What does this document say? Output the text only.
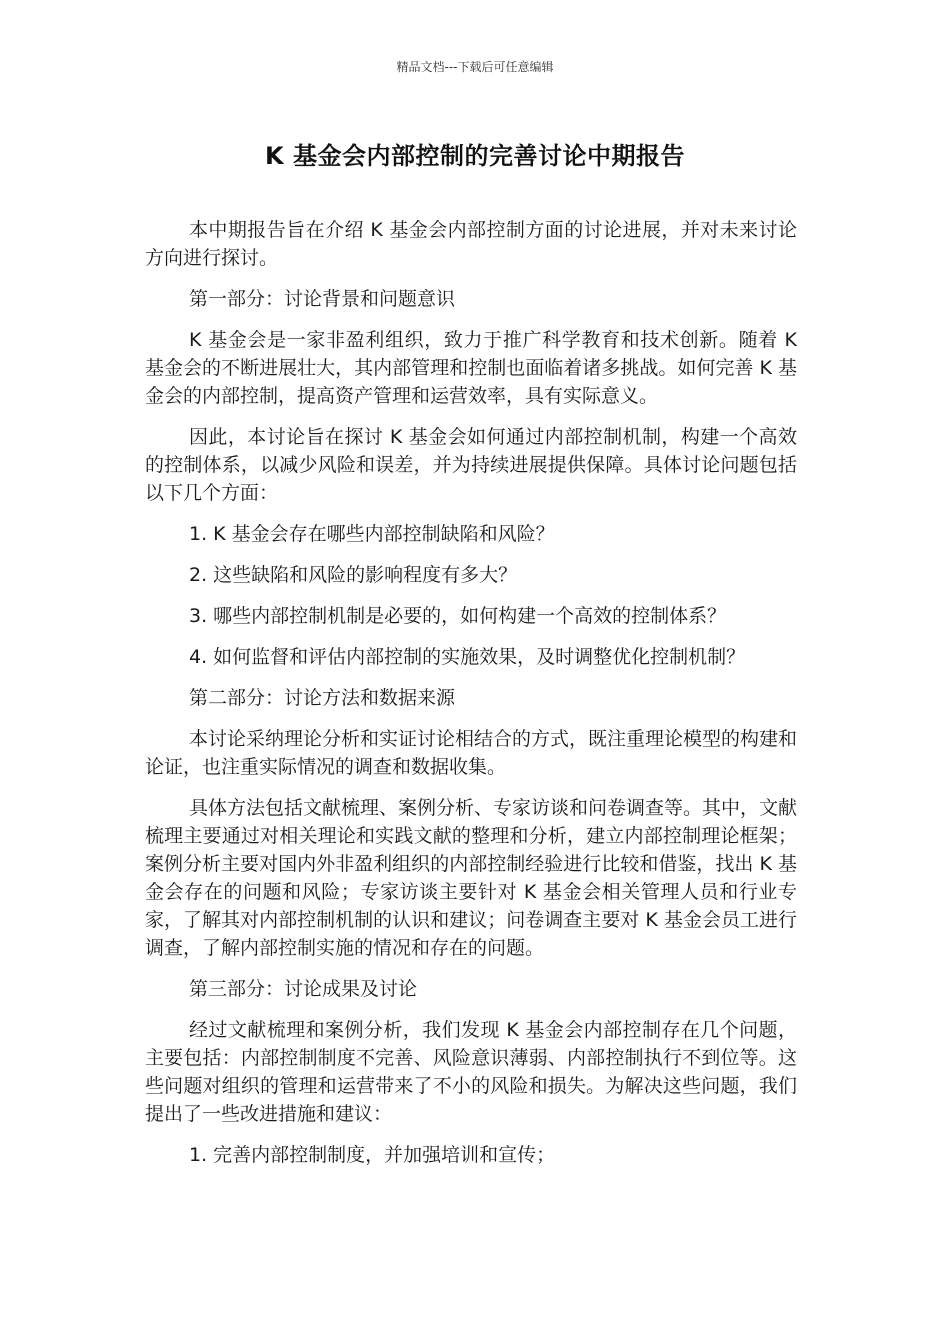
精品文档---下载后可任意编辑
K 基金会内部控制的完善讨论中期报告

本中期报告旨在介绍 K 基金会内部控制方面的讨论进展，并对未来讨论方向进行探讨。

第一部分：讨论背景和问题意识

K 基金会是一家非盈利组织，致力于推广科学教育和技术创新。随着 K 基金会的不断进展壮大，其内部管理和控制也面临着诸多挑战。如何完善 K 基金会的内部控制，提高资产管理和运营效率，具有实际意义。

因此，本讨论旨在探讨 K 基金会如何通过内部控制机制，构建一个高效的控制体系，以减少风险和误差，并为持续进展提供保障。具体讨论问题包括以下几个方面：

1. K 基金会存在哪些内部控制缺陷和风险？

2. 这些缺陷和风险的影响程度有多大？

3. 哪些内部控制机制是必要的，如何构建一个高效的控制体系？

4. 如何监督和评估内部控制的实施效果，及时调整优化控制机制？

第二部分：讨论方法和数据来源

本讨论采纳理论分析和实证讨论相结合的方式，既注重理论模型的构建和论证，也注重实际情况的调查和数据收集。

具体方法包括文献梳理、案例分析、专家访谈和问卷调查等。其中，文献梳理主要通过对相关理论和实践文献的整理和分析，建立内部控制理论框架；案例分析主要对国内外非盈利组织的内部控制经验进行比较和借鉴，找出 K 基金会存在的问题和风险；专家访谈主要针对 K 基金会相关管理人员和行业专家，了解其对内部控制机制的认识和建议；问卷调查主要对 K 基金会员工进行调查，了解内部控制实施的情况和存在的问题。

第三部分：讨论成果及讨论

经过文献梳理和案例分析，我们发现 K 基金会内部控制存在几个问题，主要包括：内部控制制度不完善、风险意识薄弱、内部控制执行不到位等。这些问题对组织的管理和运营带来了不小的风险和损失。为解决这些问题，我们提出了一些改进措施和建议：

1. 完善内部控制制度，并加强培训和宣传；
